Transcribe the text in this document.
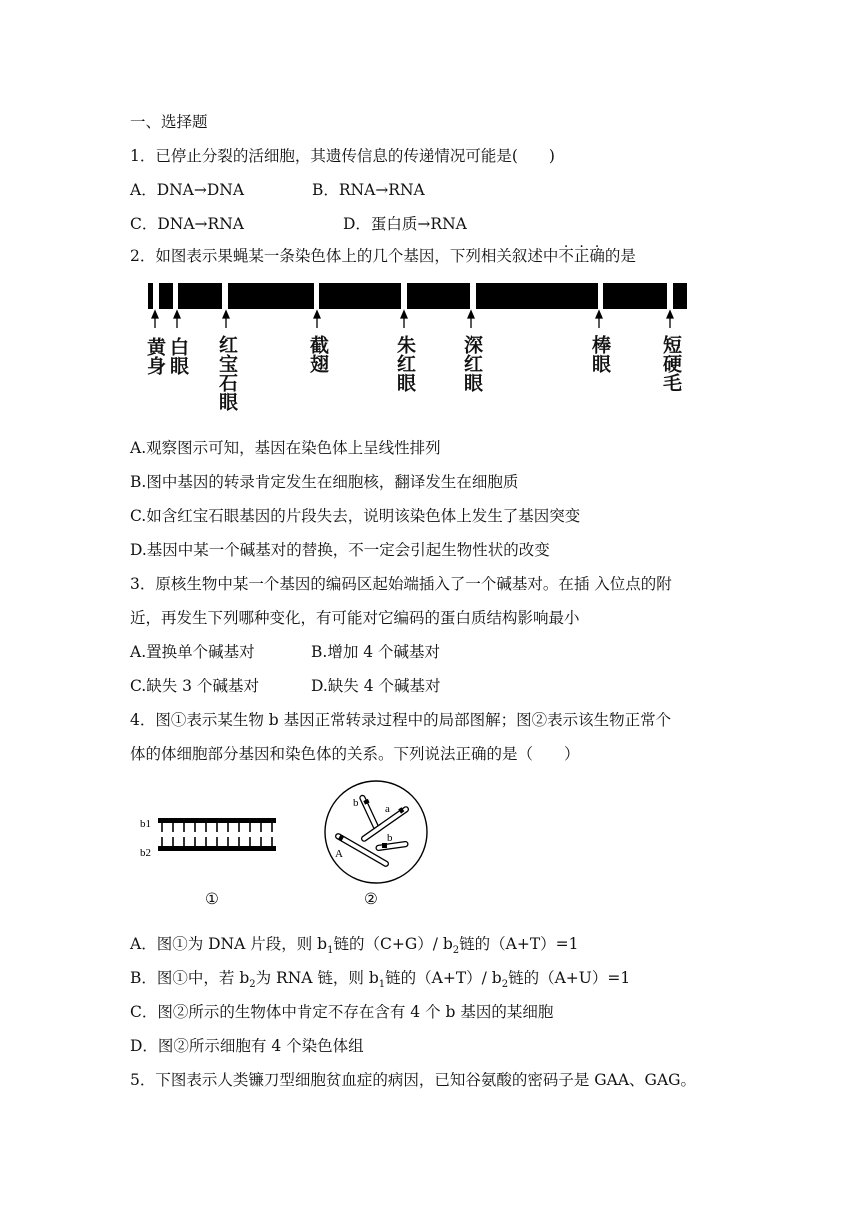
一、选择题
1．已停止分裂的活细胞，其遗传信息的传递情况可能是(　　)
A．DNA→DNA	B．RNA→RNA
C．DNA→RNA	D．蛋白质→RNA
2．如图表示果蝇某一条染色体上的几个基因，下列相关叙述中不正确的是
黄身 白眼 红宝石眼	截翅	朱红眼 深红眼	棒眼	短硬毛
A.观察图示可知，基因在染色体上呈线性排列
B.图中基因的转录肯定发生在细胞核，翻译发生在细胞质
C.如含红宝石眼基因的片段失去，说明该染色体上发生了基因突变
D.基因中某一个碱基对的替换，不一定会引起生物性状的改变
3．原核生物中某一个基因的编码区起始端插入了一个碱基对。在插 入位点的附
近，再发生下列哪种变化，有可能对它编码的蛋白质结构影响最小
A.置换单个碱基对	B.增加 4 个碱基对
C.缺失 3 个碱基对	D.缺失 4 个碱基对
4．图①表示某生物 b 基因正常转录过程中的局部图解；图②表示该生物正常个
体的体细胞部分基因和染色体的关系。下列说法正确的是（　　）
b1
b2
①
b a
b
A
②
A．图①为 DNA 片段，则 $b_1$链的（C+G）/ $b_2$链的（A+T）=1
B．图①中，若 $b_2$为 RNA 链，则 $b_1$链的（A+T）/ $b_2$链的（A+U）=1
C．图②所示的生物体中肯定不存在含有 4 个 b 基因的某细胞
D．图②所示细胞有 4 个染色体组
5．下图表示人类镰刀型细胞贫血症的病因，已知谷氨酸的密码子是 GAA、GAG。
